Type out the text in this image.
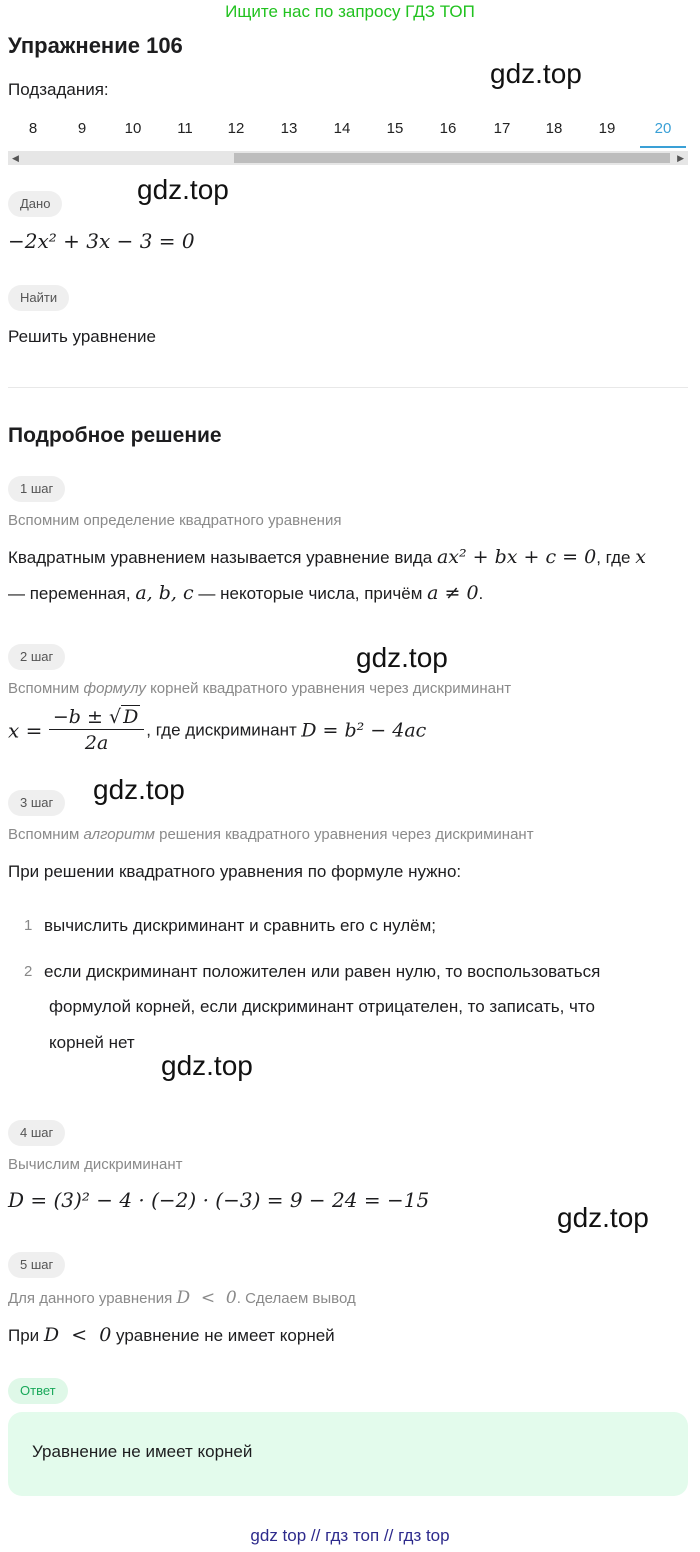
Ищите нас по запросу ГДЗ ТОП
Упражнение 106
Подзадания:
gdz.top
8	9	10	11	12	13	14	15	16	17	18	19	20
◀	▶
gdz.top
Дано
−2x² + 3x − 3 = 0
Найти
Решить уравнение
Подробное решение
1 шаг
Вспомним определение квадратного уравнения
Квадратным уравнением называется уравнение вида ax² + bx + c = 0, где x
— переменная, a, b, c — некоторые числа, причём a ≠ 0.
gdz.top
2 шаг
Вспомним формулу корней квадратного уравнения через дискриминант
$x = \frac{-b \pm √ D}{2a}$ , где дискриминант D = b² − 4ac
gdz.top
3 шаг
Вспомним алгоритм решения квадратного уравнения через дискриминант
При решении квадратного уравнения по формуле нужно:
1 вычислить дискриминант и сравнить его с нулём;
2 если дискриминант положителен или равен нулю, то воспользоваться
формулой корней, если дискриминант отрицателен, то записать, что
корней нет
gdz.top
4 шаг
Вычислим дискриминант
D = (3)² − 4 · (−2) · (−3) = 9 − 24 = −15
gdz.top
5 шаг
Для данного уравнения D  <  0. Сделаем вывод
При D  <  0 уравнение не имеет корней
Ответ
Уравнение не имеет корней
gdz top // гдз топ // гдз top
